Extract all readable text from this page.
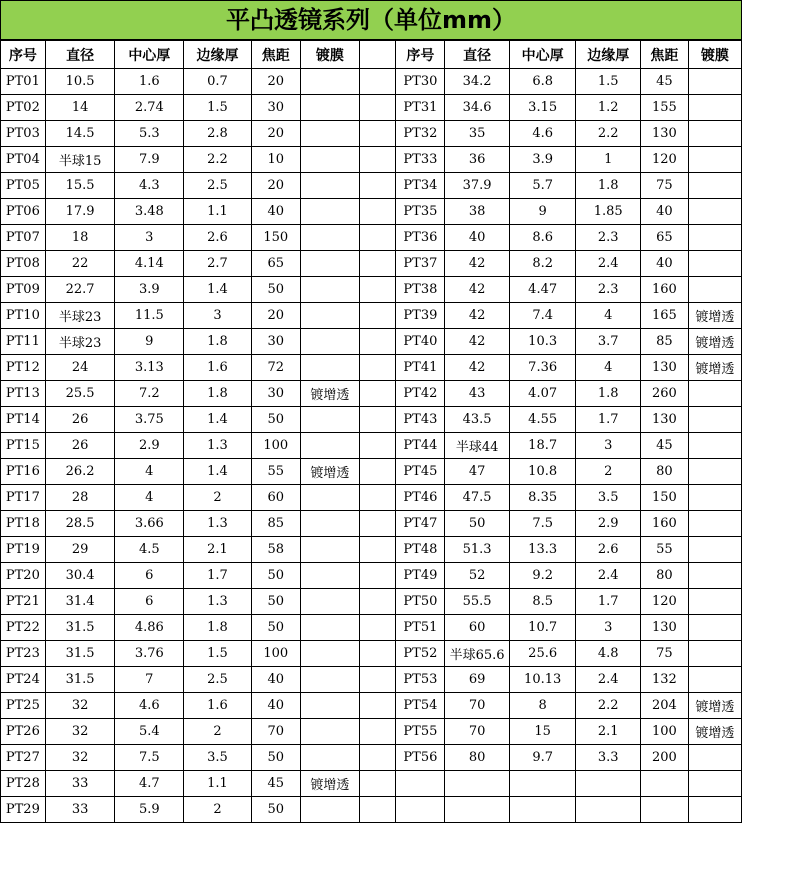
平凸透镜系列（单位mm）
序号	直径	中心厚	边缘厚	焦距	镀膜		序号	直径	中心厚	边缘厚	焦距	镀膜
PT01	10.5	1.6	0.7	20			PT30	34.2	6.8	1.5	45	
PT02	14	2.74	1.5	30			PT31	34.6	3.15	1.2	155	
PT03	14.5	5.3	2.8	20			PT32	35	4.6	2.2	130	
PT04	半球15	7.9	2.2	10			PT33	36	3.9	1	120	
PT05	15.5	4.3	2.5	20			PT34	37.9	5.7	1.8	75	
PT06	17.9	3.48	1.1	40			PT35	38	9	1.85	40	
PT07	18	3	2.6	150			PT36	40	8.6	2.3	65	
PT08	22	4.14	2.7	65			PT37	42	8.2	2.4	40	
PT09	22.7	3.9	1.4	50			PT38	42	4.47	2.3	160	
PT10	半球23	11.5	3	20			PT39	42	7.4	4	165	镀增透
PT11	半球23	9	1.8	30			PT40	42	10.3	3.7	85	镀增透
PT12	24	3.13	1.6	72			PT41	42	7.36	4	130	镀增透
PT13	25.5	7.2	1.8	30	镀增透		PT42	43	4.07	1.8	260	
PT14	26	3.75	1.4	50			PT43	43.5	4.55	1.7	130	
PT15	26	2.9	1.3	100			PT44	半球44	18.7	3	45	
PT16	26.2	4	1.4	55	镀增透		PT45	47	10.8	2	80	
PT17	28	4	2	60			PT46	47.5	8.35	3.5	150	
PT18	28.5	3.66	1.3	85			PT47	50	7.5	2.9	160	
PT19	29	4.5	2.1	58			PT48	51.3	13.3	2.6	55	
PT20	30.4	6	1.7	50			PT49	52	9.2	2.4	80	
PT21	31.4	6	1.3	50			PT50	55.5	8.5	1.7	120	
PT22	31.5	4.86	1.8	50			PT51	60	10.7	3	130	
PT23	31.5	3.76	1.5	100			PT52	半球65.6	25.6	4.8	75	
PT24	31.5	7	2.5	40			PT53	69	10.13	2.4	132	
PT25	32	4.6	1.6	40			PT54	70	8	2.2	204	镀增透
PT26	32	5.4	2	70			PT55	70	15	2.1	100	镀增透
PT27	32	7.5	3.5	50			PT56	80	9.7	3.3	200	
PT28	33	4.7	1.1	45	镀增透							
PT29	33	5.9	2	50								
